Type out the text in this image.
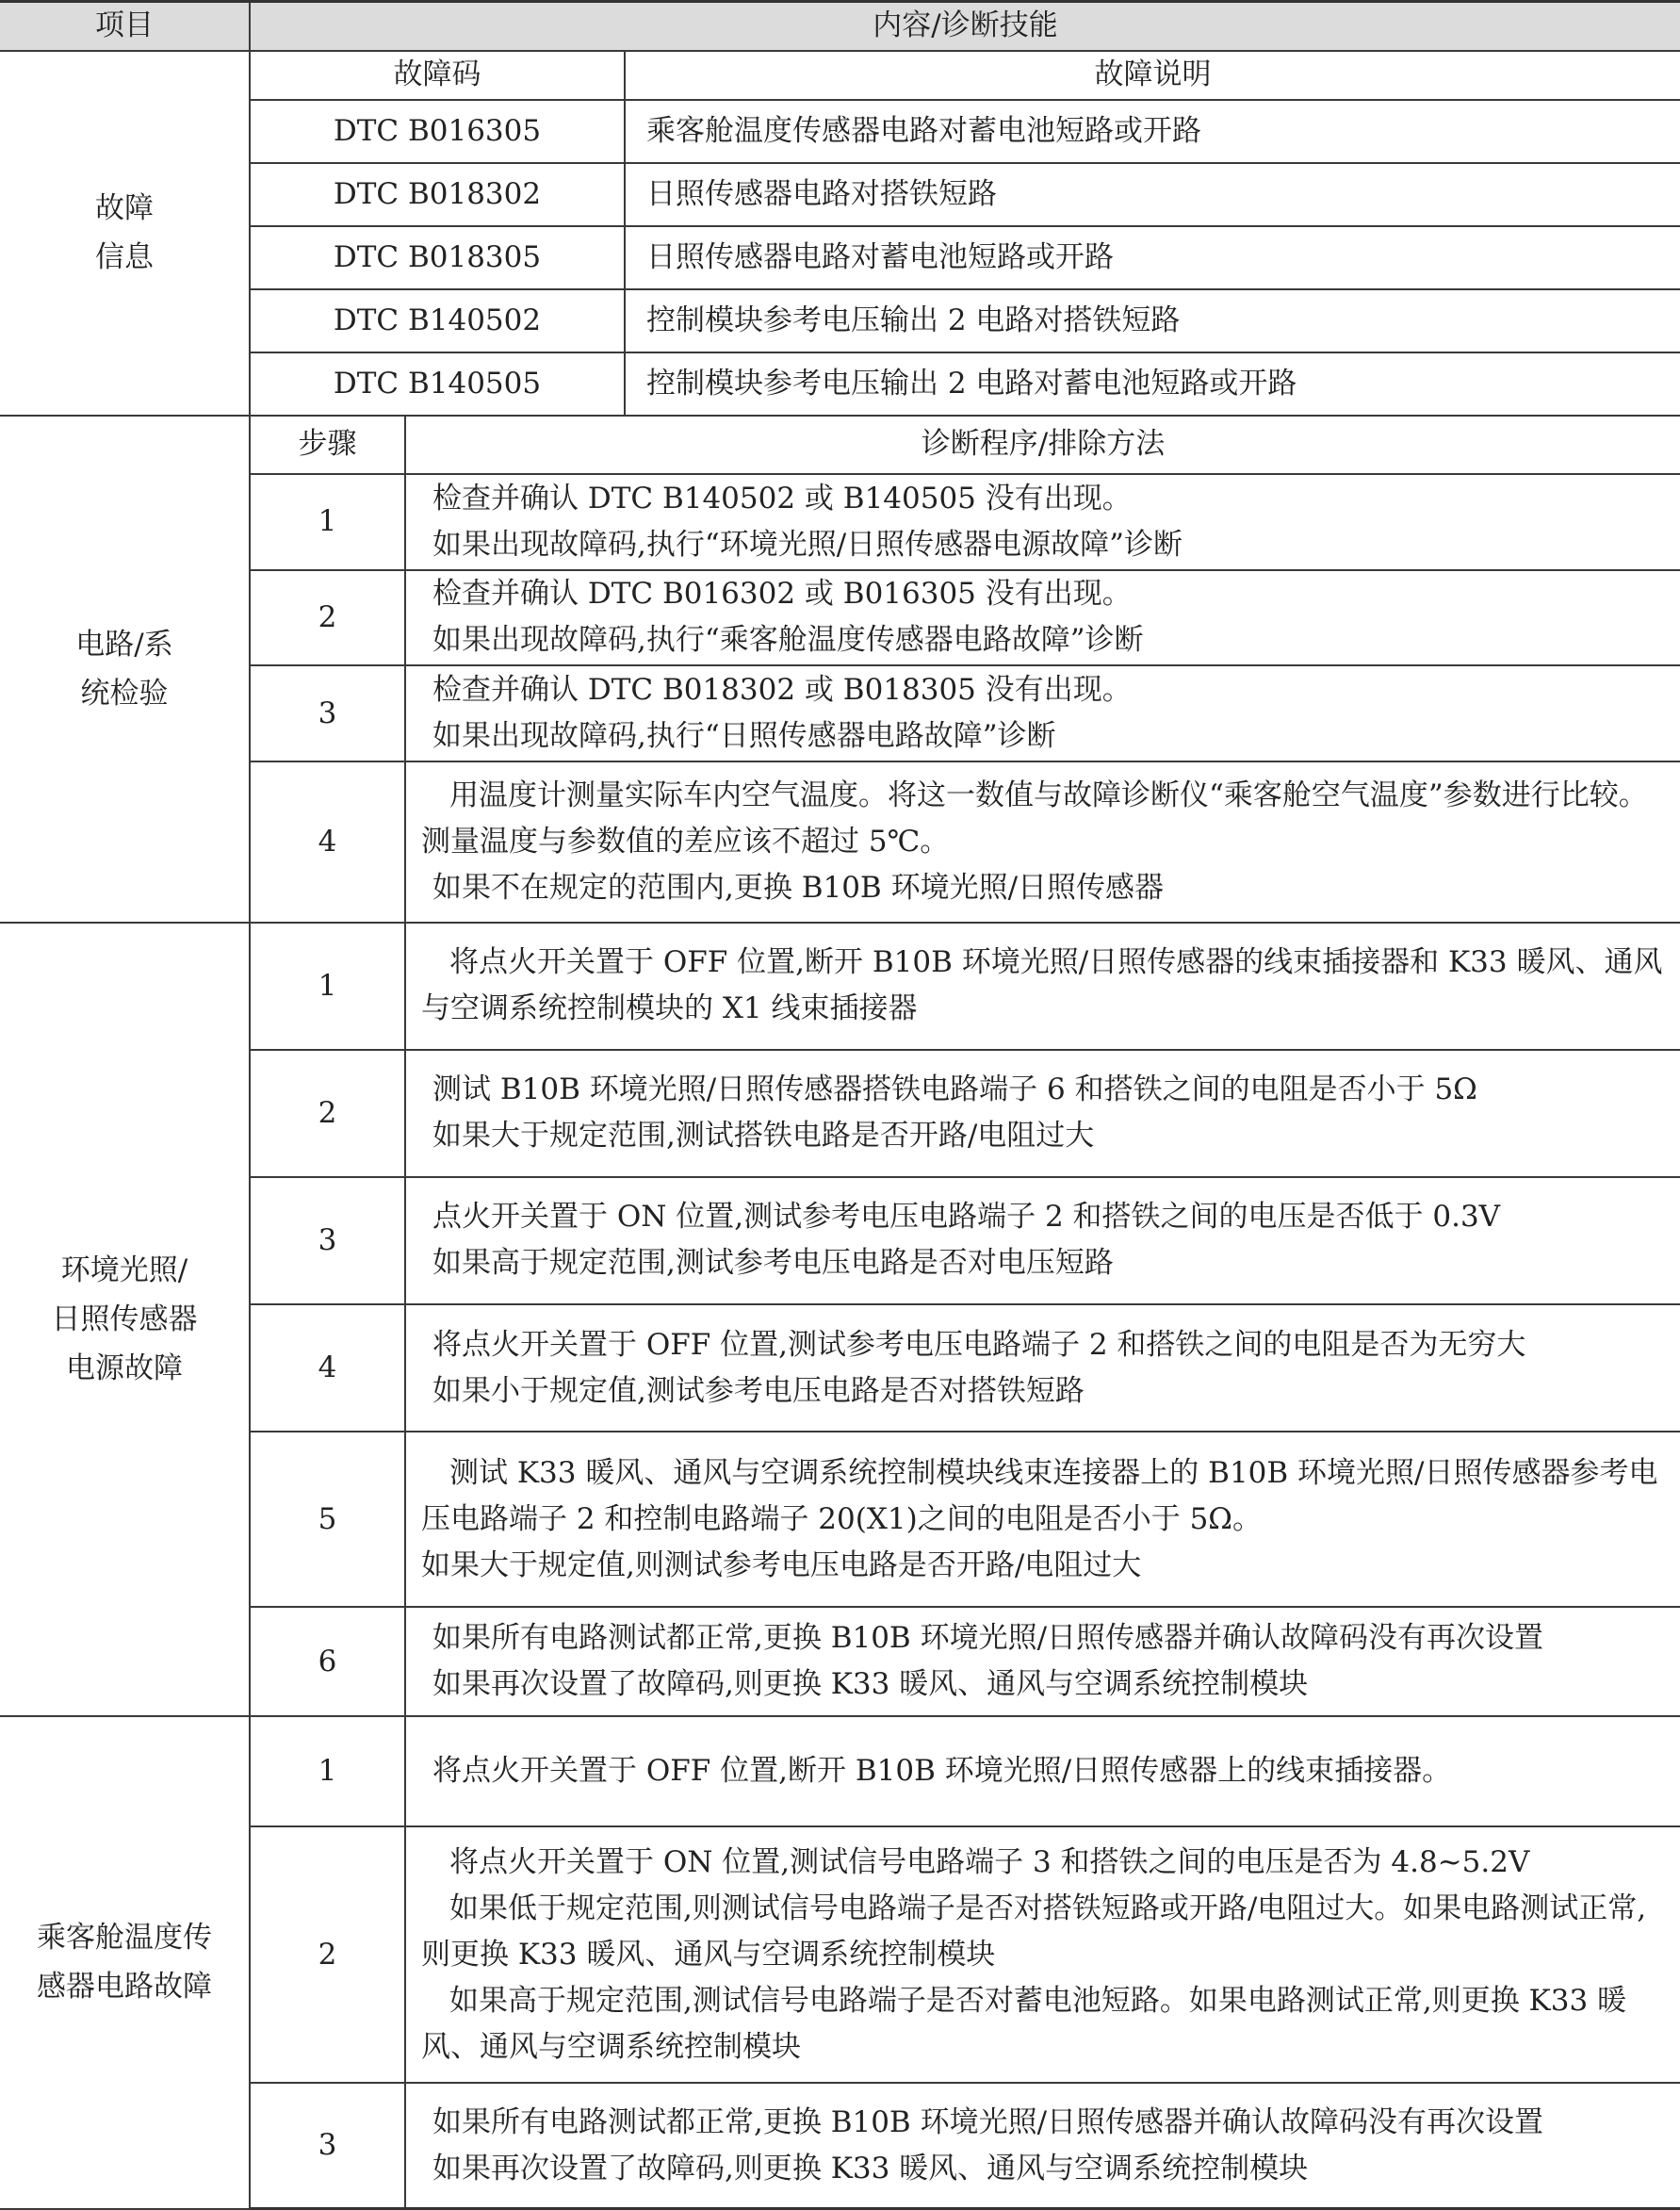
项目	内容/诊断技能		

故障
信息	故障码		故障说明
	DTC B016305		乘客舱温度传感器电路对蓄电池短路或开路
	DTC B018302		日照传感器电路对搭铁短路
	DTC B018305		日照传感器电路对蓄电池短路或开路
	DTC B140502		控制模块参考电压输出 2 电路对搭铁短路
	DTC B140505		控制模块参考电压输出 2 电路对蓄电池短路或开路

电路/系
统检验	步骤	诊断程序/排除方法	
	1	检查并确认 DTC B140502 或 B140505 没有出现。
如果出现故障码,执行“环境光照/日照传感器电源故障”诊断	

	2	检查并确认 DTC B016302 或 B016305 没有出现。
如果出现故障码,执行“乘客舱温度传感器电路故障”诊断	

	3	检查并确认 DTC B018302 或 B018305 没有出现。
如果出现故障码,执行“日照传感器电路故障”诊断	

	4	用温度计测量实际车内空气温度。将这一数值与故障诊断仪“乘客舱空气温度”参数进行比较。测量温度与参数值的差应该不超过 5℃。
如果不在规定的范围内,更换 B10B 环境光照/日照传感器	

环境光照/
日照传感器
电源故障	1	将点火开关置于 OFF 位置,断开 B10B 环境光照/日照传感器的线束插接器和 K33 暖风、通风与空调系统控制模块的 X1 线束插接器	

	2	测试 B10B 环境光照/日照传感器搭铁电路端子 6 和搭铁之间的电阻是否小于 5Ω
如果大于规定范围,测试搭铁电路是否开路/电阻过大	

	3	点火开关置于 ON 位置,测试参考电压电路端子 2 和搭铁之间的电压是否低于 0.3V
如果高于规定范围,测试参考电压电路是否对电压短路	

	4	将点火开关置于 OFF 位置,测试参考电压电路端子 2 和搭铁之间的电阻是否为无穷大
如果小于规定值,测试参考电压电路是否对搭铁短路	

	5	测试 K33 暖风、通风与空调系统控制模块线束连接器上的 B10B 环境光照/日照传感器参考电压电路端子 2 和控制电路端子 20(X1)之间的电阻是否小于 5Ω。
如果大于规定值,则测试参考电压电路是否开路/电阻过大	

	6	如果所有电路测试都正常,更换 B10B 环境光照/日照传感器并确认故障码没有再次设置
如果再次设置了故障码,则更换 K33 暖风、通风与空调系统控制模块	

乘客舱温度传
感器电路故障	1	将点火开关置于 OFF 位置,断开 B10B 环境光照/日照传感器上的线束插接器。	

	2	将点火开关置于 ON 位置,测试信号电路端子 3 和搭铁之间的电压是否为 4.8~5.2V
如果低于规定范围,则测试信号电路端子是否对搭铁短路或开路/电阻过大。如果电路测试正常,则更换 K33 暖风、通风与空调系统控制模块
如果高于规定范围,测试信号电路端子是否对蓄电池短路。如果电路测试正常,则更换 K33 暖风、通风与空调系统控制模块	

	3	如果所有电路测试都正常,更换 B10B 环境光照/日照传感器并确认故障码没有再次设置
如果再次设置了故障码,则更换 K33 暖风、通风与空调系统控制模块	
